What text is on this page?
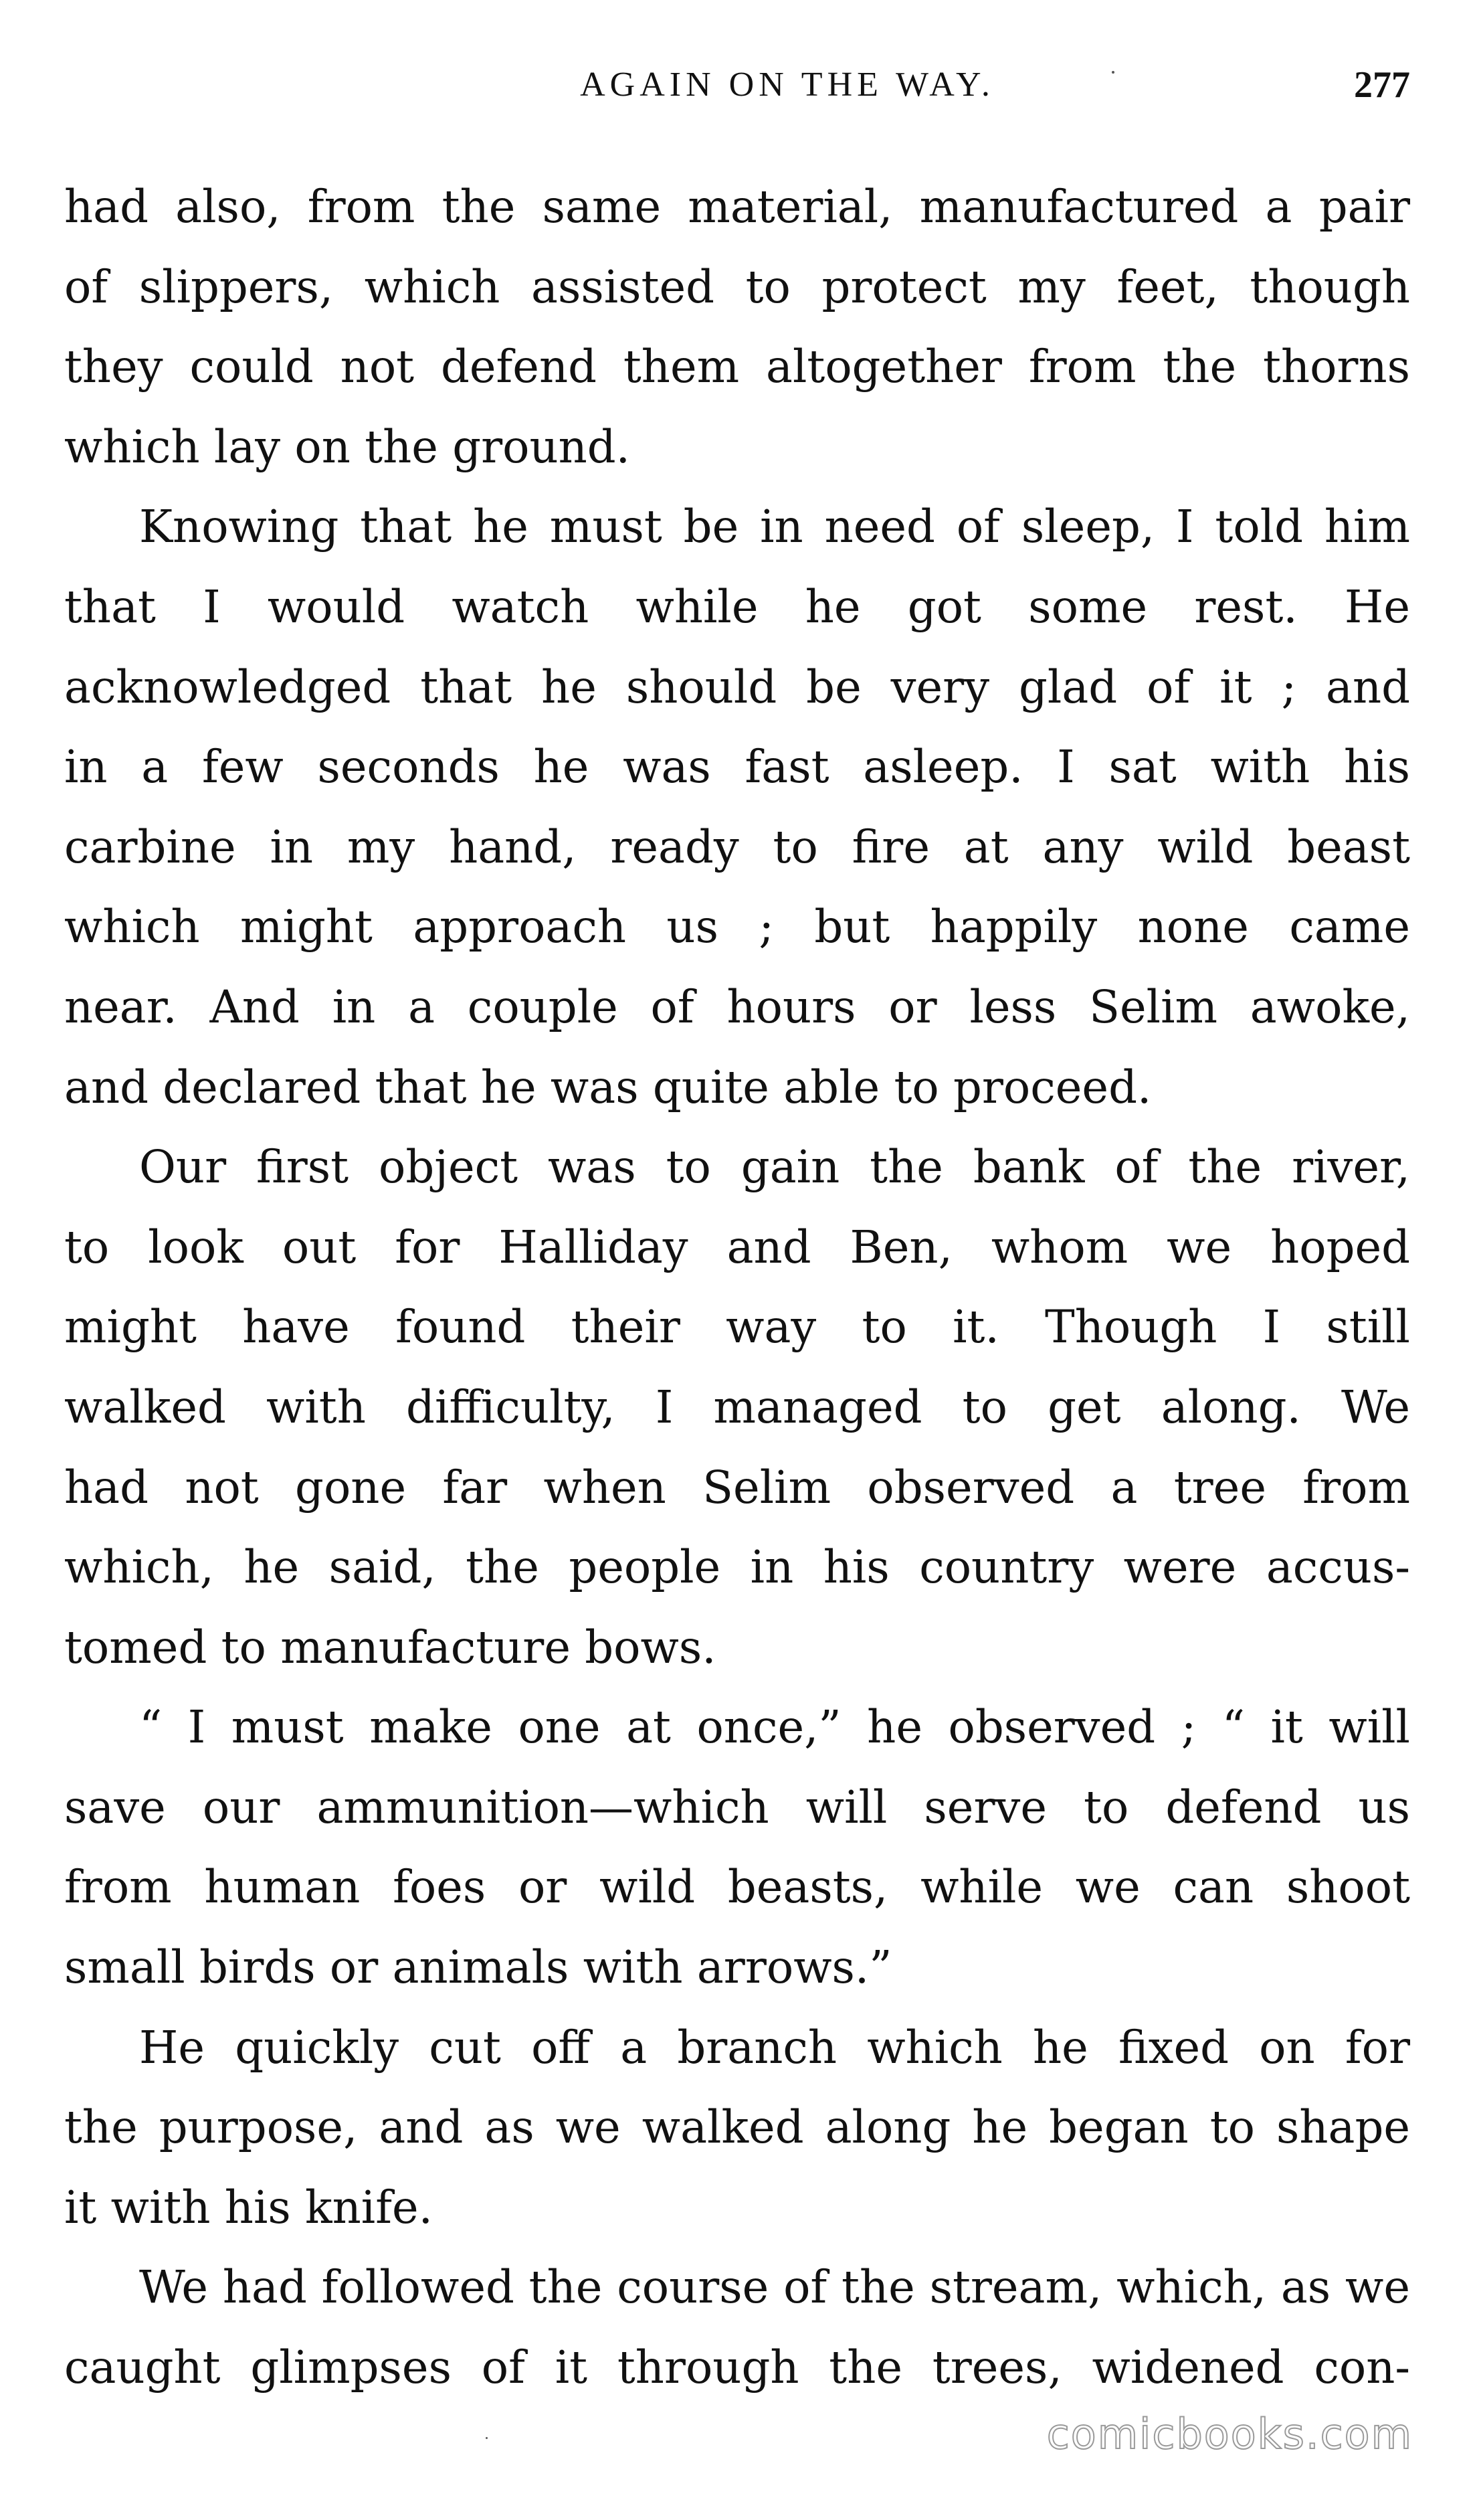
AGAIN ON THE WAY.	277
had also, from the same material, manufactured a pair
of slippers, which assisted to protect my feet, though
they could not defend them altogether from the thorns
which lay on the ground.
Knowing that he must be in need of sleep, I told him
that I would watch while he got some rest. He
acknowledged that he should be very glad of it ; and
in a few seconds he was fast asleep. I sat with his
carbine in my hand, ready to fire at any wild beast
which might approach us ; but happily none came
near. And in a couple of hours or less Selim awoke,
and declared that he was quite able to proceed.
Our first object was to gain the bank of the river,
to look out for Halliday and Ben, whom we hoped
might have found their way to it. Though I still
walked with difficulty, I managed to get along. We
had not gone far when Selim observed a tree from
which, he said, the people in his country were accus-
tomed to manufacture bows.
“ I must make one at once,” he observed ; “ it will
save our ammunition—which will serve to defend us
from human foes or wild beasts, while we can shoot
small birds or animals with arrows.”
He quickly cut off a branch which he fixed on for
the purpose, and as we walked along he began to shape
it with his knife.
We had followed the course of the stream, which, as we
caught glimpses of it through the trees, widened con-
comicbooks.com
